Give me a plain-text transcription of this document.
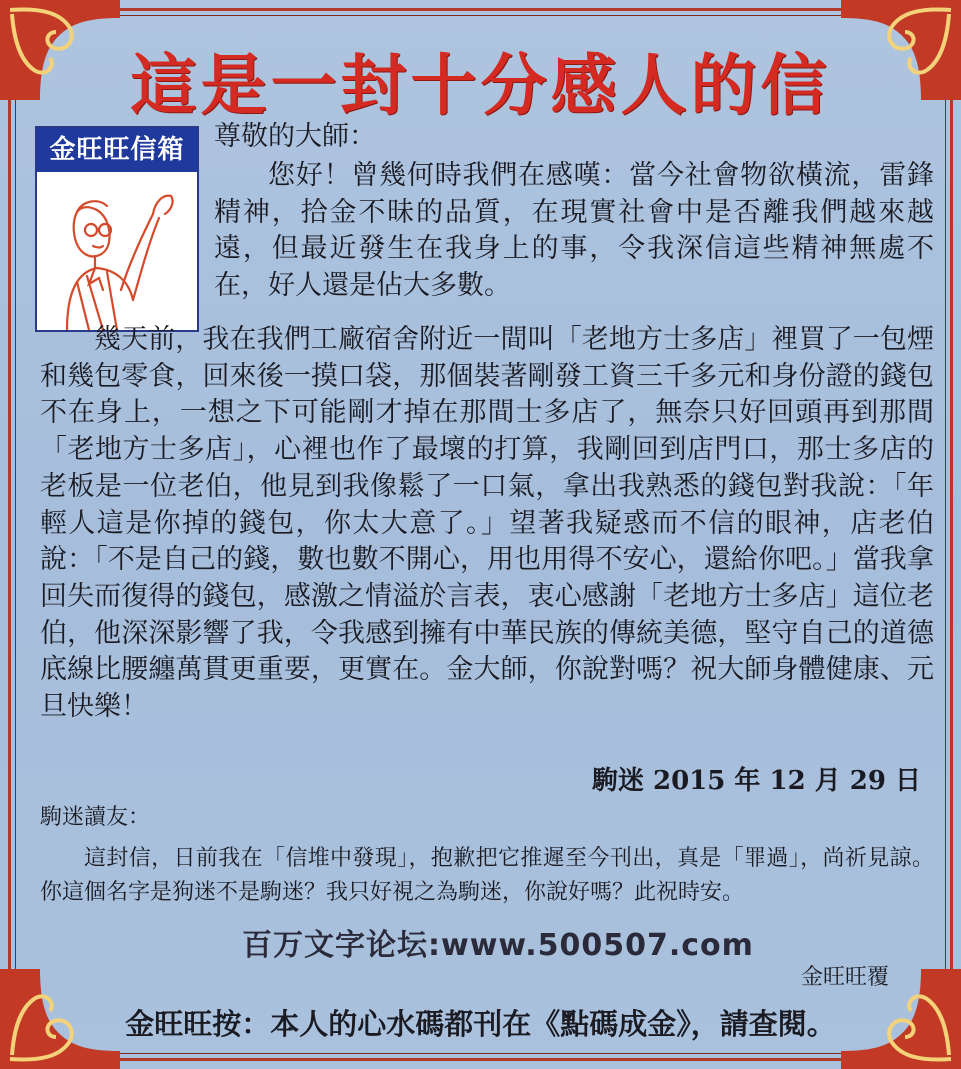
這是一封十分感人的信
金旺旺信箱	尊敬的大師：
您好！曾幾何時我們在感嘆：當今社會物欲橫流，雷鋒精神，拾金不昧的品質，在現實社會中是否離我們越來越遠，但最近發生在我身上的事，令我深信這些精神無處不在，好人還是佔大多數。
幾天前，我在我們工廠宿舍附近一間叫「老地方士多店」裡買了一包煙和幾包零食，回來後一摸口袋，那個裝著剛發工資三千多元和身份證的錢包不在身上，一想之下可能剛才掉在那間士多店了，無奈只好回頭再到那間「老地方士多店」，心裡也作了最壞的打算，我剛回到店門口，那士多店的老板是一位老伯，他見到我像鬆了一口氣，拿出我熟悉的錢包對我說：「年輕人這是你掉的錢包，你太大意了。」望著我疑惑而不信的眼神，店老伯說：「不是自己的錢，數也數不開心，用也用得不安心，還給你吧。」當我拿回失而復得的錢包，感激之情溢於言表，衷心感謝「老地方士多店」這位老伯，他深深影響了我，令我感到擁有中華民族的傳統美德，堅守自己的道德底線比腰纏萬貫更重要，更實在。金大師，你說對嗎？祝大師身體健康、元旦快樂！
駒迷 2015 年 12 月 29 日
駒迷讀友：
這封信，日前我在「信堆中發現」，抱歉把它推遲至今刊出，真是「罪過」，尚祈見諒。你這個名字是狗迷不是駒迷？我只好視之為駒迷，你說好嗎？此祝時安。
百万文字论坛:www.500507.com
金旺旺覆
金旺旺按：本人的心水碼都刊在《點碼成金》，請查閱。
